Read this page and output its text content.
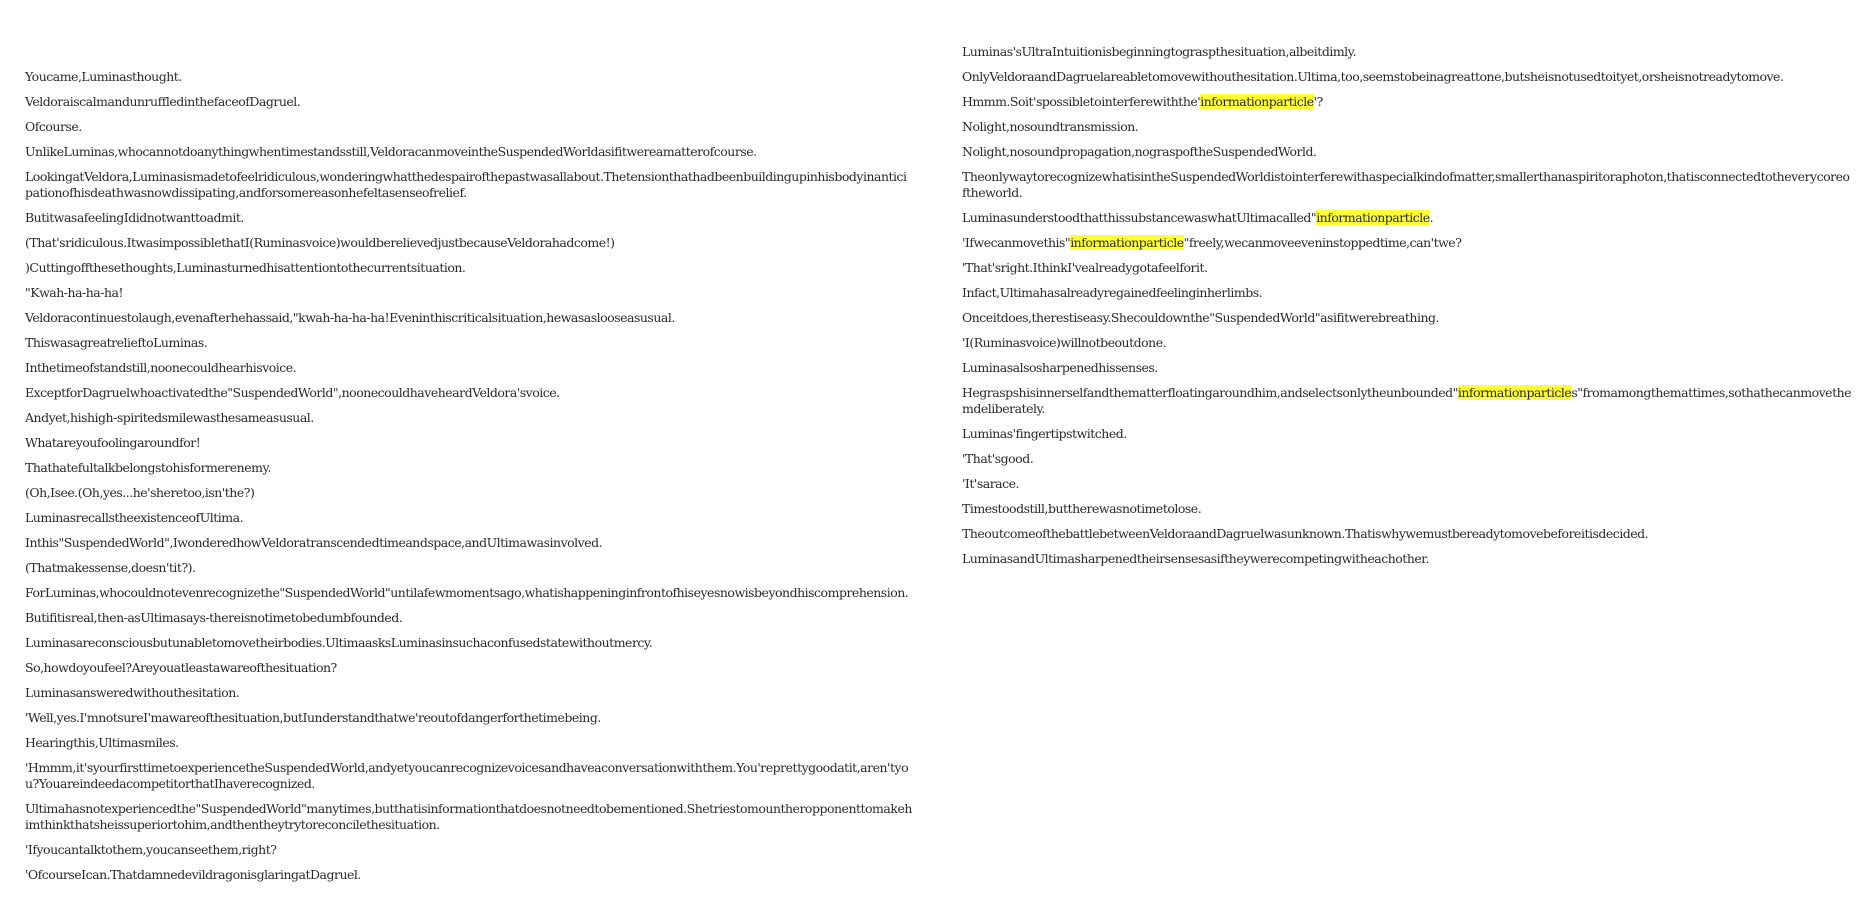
Youcame,Luminasthought.

VeldoraiscalmandunruffledinthefaceofDagruel.

Ofcourse.

UnlikeLuminas,whocannotdoanythingwhentimestandsstill,VeldoracanmoveintheSuspendedWorldasifitwereamatterofcourse.

LookingatVeldora,Luminasismadetofeelridiculous,wonderingwhatthedespairofthepastwasallabout.Thetensionthathadbeenbuildinguрinhisbodyinanticipationofhisdeathwasnowdissipating,andforsomereasonhefeltasenseofrelief.

ButitwasafeelingIdidnotwanttoadmit.

(That'sridiculous.ItwasimpossiblethatI(Ruminasvoice)wouldberelievedjustbecauseVeldorahadcome!)

)Cuttingoffthesethoughts,Luminasturnedhisattentiontothecurrentsituation.

"Kwah-ha-ha-ha!

Veldoracontinuestolaugh,evenafterhehassaid,"kwah-ha-ha-ha!Eveninthiscriticalsituation,hewasaslooseasusual.

ThiswasagreatrelieftoLuminas.

Inthetimeofstandstill,noonecouldhearhisvoice.

ExceptforDagruelwhoactivatedthe"SuspendedWorld",noonecouldhaveheardVeldora'svoice.

Andyet,hishigh-spiritedsmilewasthesameasusual.

Whatareyoufoolingaroundfor!

Thathatefultalkbelongstohisformerenemy.

(Oh,Isee.(Oh,yes...he'sheretoo,isn'the?)

LuminasrecallstheexistenceofUltima.

Inthis"SuspendedWorld",IwonderedhowVeldoratranscendedtimeandspace,andUltimawasinvolved.

(Thatmakessense,doesn'tit?).

ForLuminas,whocouldnotevenrecognizethe"SuspendedWorld"untilafewmomentsago,whatishappeninginfrontofhiseyesnowisbeyondhiscomprehension.

Butifitisreal,then-asUltimasays-thereisnotimetobedumbfounded.

Luminasareconsciousbutunabletomovetheirbodies.UltimaasksLuminasinsuchaconfusedstatewithoutmercy.

So,howdoyoufeel?Areyouatleastawareofthesituation?

Luminasansweredwithouthesitation.

'Well,yes.I'mnotsureI'mawareofthesituation,butIunderstandthatwe'reoutofdangerforthetimebeing.

Hearingthis,Ultimasmiles.

'Hmmm,it'syourfirsttimetoexperiencetheSuspendedWorld,andyetyoucanrecognizevoicesandhaveaconversationwiththem.You'reprettygoodatit,aren'tyou?YouareindeedacompetitorthatIhaverecognized.

Ultimahasnotexperiencedthe"SuspendedWorld"manytimes,butthatisinformationthatdoesnotneedtobementioned.Shetriestomountheropponenttomakehimthinkthatsheissuperiortohim,andthentheytrytoreconcilethesituation.

'Ifyoucantalktothem,youcanseethem,right?

'OfcourseIcan.ThatdamnedevildragonisglaringatDagruel.

Luminas'sUltraIntuitionisbeginningtograspthesituation,albeitdimly.

OnlyVeldoraandDagruelareabletomovewithouthesitation.Ultima,too,seemstobeinagreattone,butsheisnotusedtoityet,orsheisnotreadytomove.

Hmmm.Soit'spossibletointerferewiththe'informationparticle'?

Nolight,nosoundtransmission.

Nolight,nosoundpropagation,nograspoftheSuspendedWorld.

TheonlywaytorecognizewhatisintheSuspendedWorldistointerferewithaspecialkindofmatter,smallerthanaspiritoraphoton,thatisconnectedtotheverycoreoftheworld.

LuminasunderstoodthatthissubstancewaswhatUltimacalled"informationparticle.

'Ifwecanmovethis"informationparticle"freely,wecanmoveeveninstoppedtime,can'twe?

'That'sright.IthinkI'vealreadygotafeelforit.

Infact,Ultimahasalreadyregainedfeelinginherlimbs.

Onceitdoes,therestiseasy.Shecouldownthe"SuspendedWorld"asifitwerebreathing.

'I(Ruminasvoice)willnotbeoutdone.

Luminasalsosharpenedhissenses.

Hegraspshisinnerselfandthematterfloatingaroundhim,andselectsonlytheunbounded"informationparticles"fromamongthemattimes,sothathecanmovethemdeliberately.

Luminas'fingertipstwitched.

'That'sgood.

'It'sarace.

Timestoodstill,buttherewasnotimetolose.

TheoutcomeofthebattlebetweenVeldoraandDagruelwasunknown.Thatiswhywemustbereadytomovebeforeitisdecided.

LuminasandUltimasharpenedtheirsensesasiftheywerecompetingwitheachother.
